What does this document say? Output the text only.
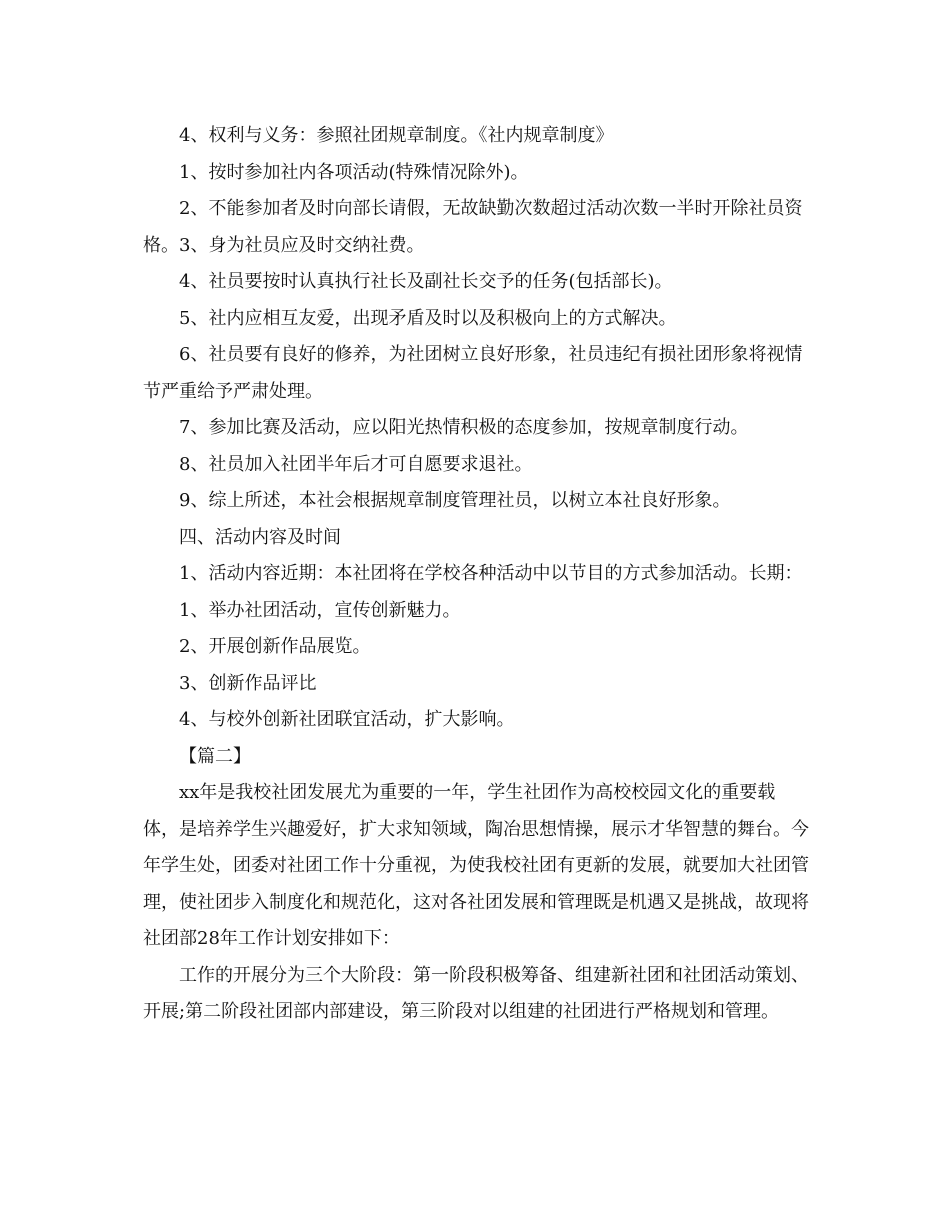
4、权利与义务：参照社团规章制度。《社内规章制度》

1、按时参加社内各项活动(特殊情况除外)。

2、不能参加者及时向部长请假，无故缺勤次数超过活动次数一半时开除社员资格。3、身为社员应及时交纳社费。

4、社员要按时认真执行社长及副社长交予的任务(包括部长)。

5、社内应相互友爱，出现矛盾及时以及积极向上的方式解决。

6、社员要有良好的修养，为社团树立良好形象，社员违纪有损社团形象将视情节严重给予严肃处理。

7、参加比赛及活动，应以阳光热情积极的态度参加，按规章制度行动。

8、社员加入社团半年后才可自愿要求退社。

9、综上所述，本社会根据规章制度管理社员，以树立本社良好形象。

四、活动内容及时间

1、活动内容近期：本社团将在学校各种活动中以节目的方式参加活动。长期：

1、举办社团活动，宣传创新魅力。

2、开展创新作品展览。

3、创新作品评比

4、与校外创新社团联宜活动，扩大影响。

【篇二】

xx年是我校社团发展尤为重要的一年，学生社团作为高校校园文化的重要载体，是培养学生兴趣爱好，扩大求知领域，陶冶思想情操，展示才华智慧的舞台。今年学生处，团委对社团工作十分重视，为使我校社团有更新的发展，就要加大社团管理，使社团步入制度化和规范化，这对各社团发展和管理既是机遇又是挑战，故现将社团部28年工作计划安排如下：

工作的开展分为三个大阶段：第一阶段积极筹备、组建新社团和社团活动策划、开展;第二阶段社团部内部建设，第三阶段对以组建的社团进行严格规划和管理。
